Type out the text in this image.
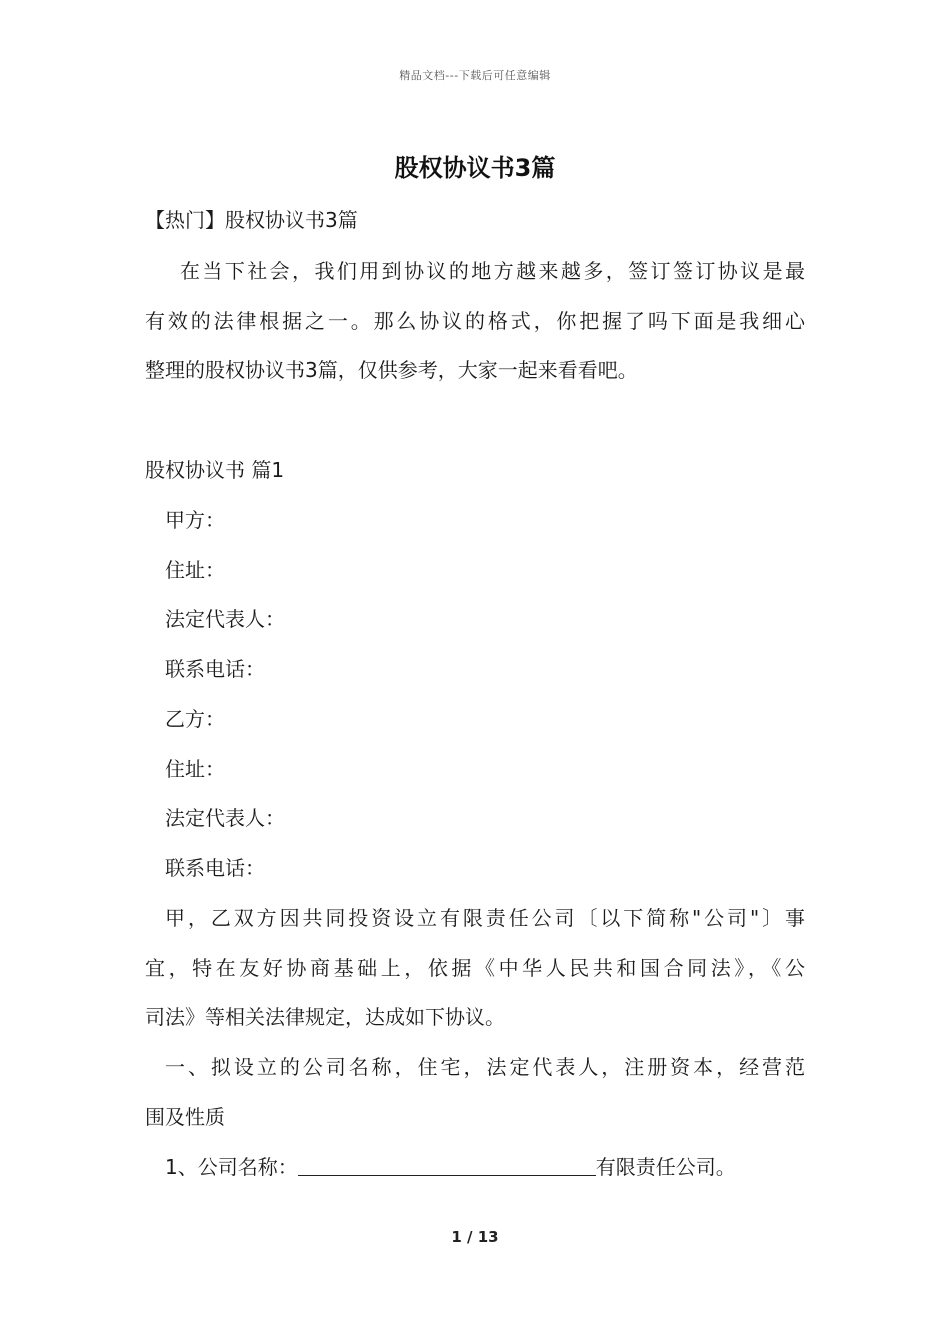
精品文档---下载后可任意编辑
股权协议书3篇
【热门】股权协议书3篇
在当下社会，我们用到协议的地方越来越多，签订签订协议是最
有效的法律根据之一。那么协议的格式，你把握了吗下面是我细心
整理的股权协议书3篇，仅供参考，大家一起来看看吧。
股权协议书 篇1
甲方：
住址：
法定代表人：
联系电话：
乙方：
住址：
法定代表人：
联系电话：
甲，乙双方因共同投资设立有限责任公司〔以下简称"公司"〕事
宜，特在友好协商基础上，依据《中华人民共和国合同法》，《公
司法》等相关法律规定，达成如下协议。
一、拟设立的公司名称，住宅，法定代表人，注册资本，经营范
围及性质
1、公司名称：	有限责任公司。
1 / 13
